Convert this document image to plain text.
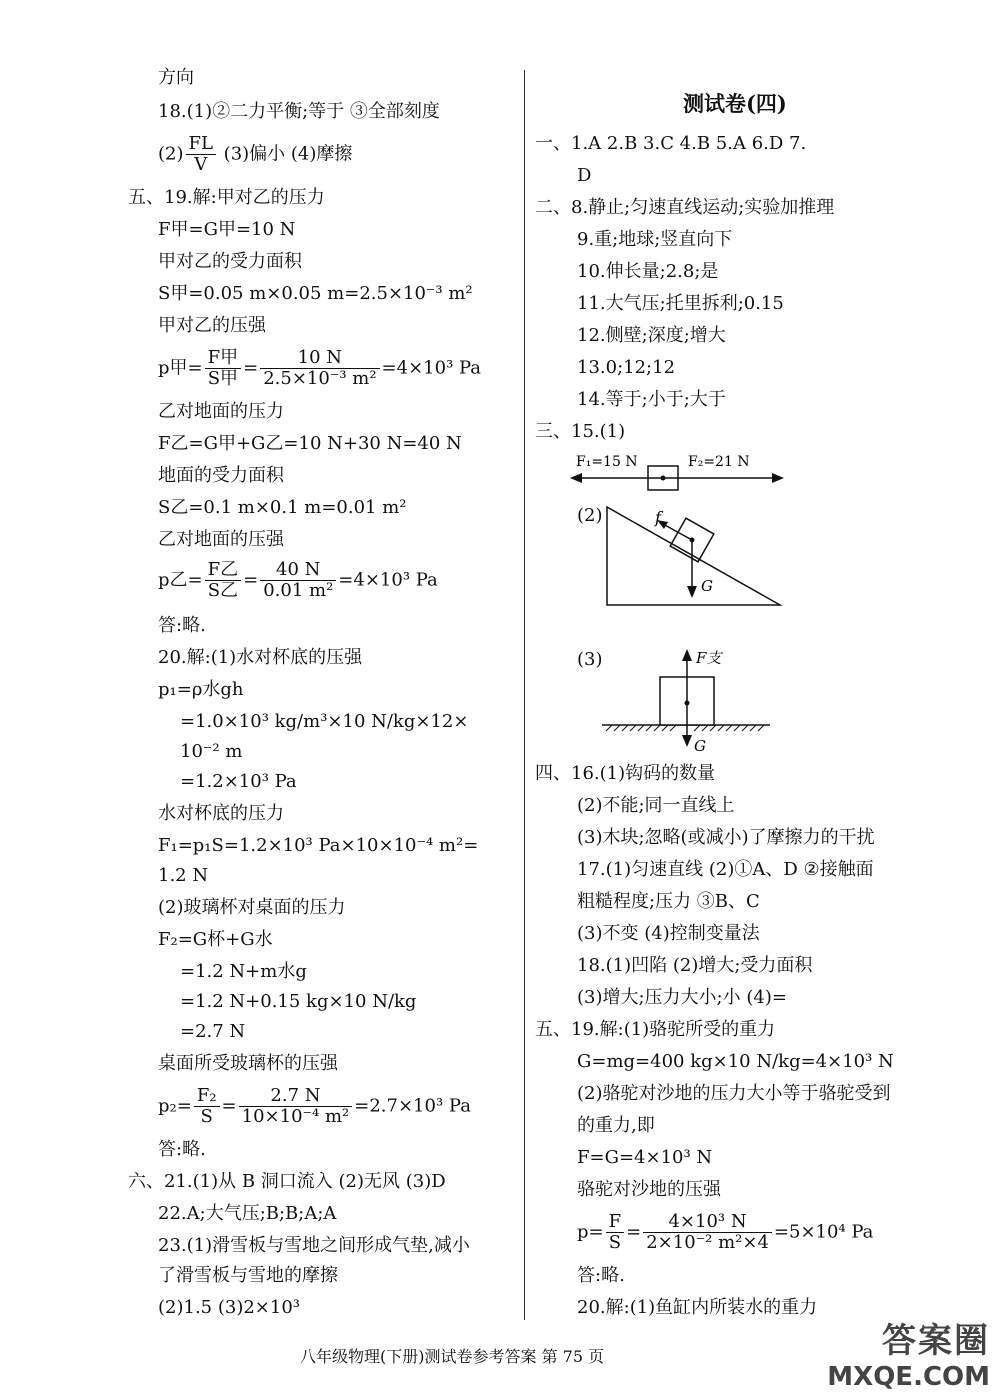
方向
18.(1)②二力平衡;等于 ③全部刻度
$(2) \frac{FL}{V} (3)$偏小 (4)摩擦
五、19.解:甲对乙的压力
F甲=G甲=10 N
甲对乙的受力面积
S甲=0.05 m×0.05 m=2.5×10⁻³ m²
甲对乙的压强
p甲= $\frac{\text{F甲}}{\text{S甲}} = \frac{10 N}{\text{2.5×10⁻³ m²}} =4\times 10^3$ Pa
乙对地面的压力
F乙=G甲+G乙=10 N+30 N=40 N
地面的受力面积
S乙=0.1 m×0.1 m=0.01 m²
乙对地面的压强
p乙= $\frac{\text{F乙}}{\text{S乙}} = \frac{40 N}{\text{0.01 m²}} =4\times 10^3$ Pa
答:略.
20.解:(1)水对杯底的压强
p₁=ρ水gh
=1.0×10³ kg/m³×10 N/kg×12×
10⁻² m
=1.2×10³ Pa
水对杯底的压力
F₁=p₁S=1.2×10³ Pa×10×10⁻⁴ m²=
1.2 N
(2)玻璃杯对桌面的压力
F₂=G杯+G水
=1.2 N+m水g
=1.2 N+0.15 kg×10 N/kg
=2.7 N
桌面所受玻璃杯的压强
$p_2= \frac{\text{F₂}}{S} = \frac{2.7 N}{\text{10×10⁻⁴ m²}} =2.7\times 10^3$ Pa
答:略.
六、21.(1)从 B 洞口流入 (2)无风 (3)D
22.A;大气压;B;B;A;A
23.(1)滑雪板与雪地之间形成气垫,减小
了滑雪板与雪地的摩擦
(2)1.5 (3)2×10³
测试卷(四)
一、1.A 2.B 3.C 4.B 5.A 6.D 7.
D
二、8.静止;匀速直线运动;实验加推理
9.重;地球;竖直向下
10.伸长量;2.8;是
11.大气压;托里拆利;0.15
12.侧壁;深度;增大
13.0;12;12
14.等于;小于;大于
三、15.(1)
(2)
(3)
四、16.(1)钩码的数量
(2)不能;同一直线上
(3)木块;忽略(或减小)了摩擦力的干扰
17.(1)匀速直线 (2)①A、D ②接触面
粗糙程度;压力 ③B、C
(3)不变 (4)控制变量法
18.(1)凹陷 (2)增大;受力面积
(3)增大;压力大小;小 (4)=
五、19.解:(1)骆驼所受的重力
G=mg=400 kg×10 N/kg=4×10³ N
(2)骆驼对沙地的压力大小等于骆驼受到
的重力,即
F=G=4×10³ N
骆驼对沙地的压强
$p= \frac{F}{S} = \frac{\text{4×10³ N}}{\text{2×10⁻² m²×4}} =5\times 10^4$ Pa
答:略.
20.解:(1)鱼缸内所装水的重力
F₁=15 N	F₂=21 N
f
G
F支
G
八年级物理(下册)测试卷参考答案 第 75 页	答案圈
MXQE.COM
